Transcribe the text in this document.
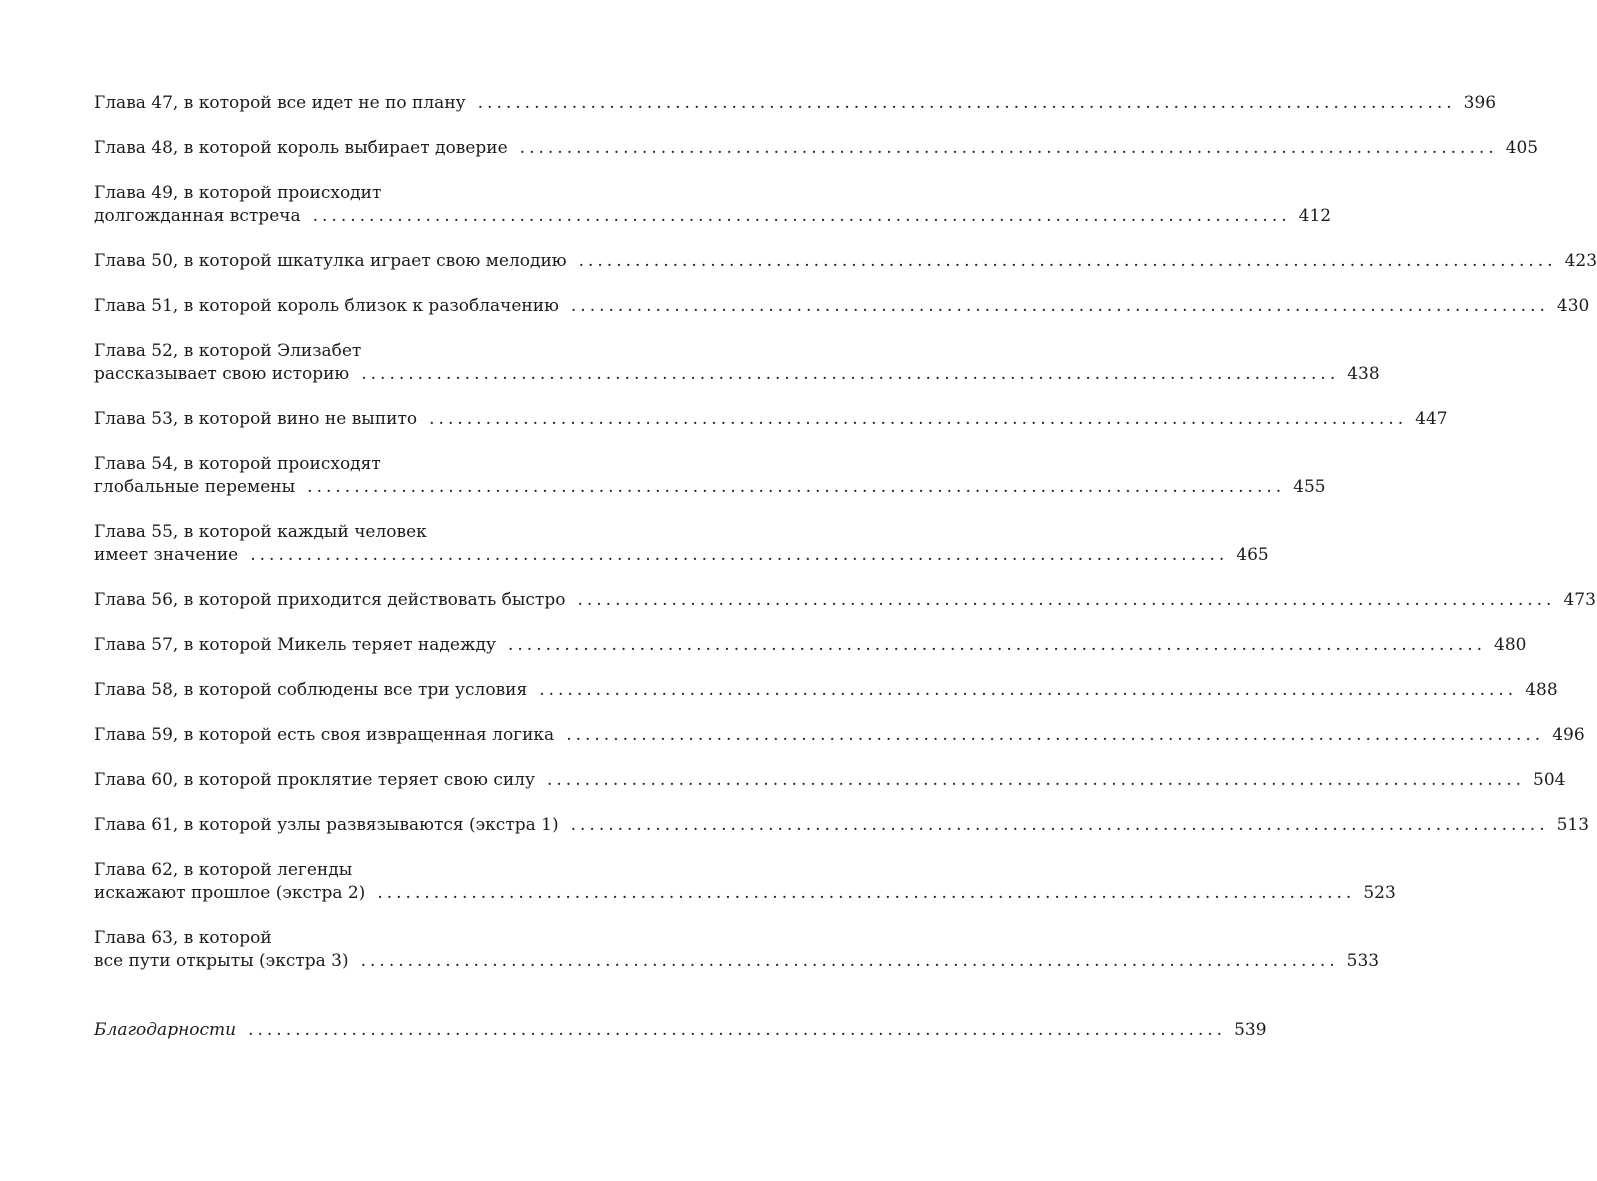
Глава 47, в которой все идет не по плану ........................................................................................................ 396
Глава 48, в которой король выбирает доверие ........................................................................................................ 405
Глава 49, в которой происходит
долгожданная встреча ........................................................................................................ 412
Глава 50, в которой шкатулка играет свою мелодию ........................................................................................................ 423
Глава 51, в которой король близок к разоблачению ........................................................................................................ 430
Глава 52, в которой Элизабет
рассказывает свою историю ........................................................................................................ 438
Глава 53, в которой вино не выпито ........................................................................................................ 447
Глава 54, в которой происходят
глобальные перемены ........................................................................................................ 455
Глава 55, в которой каждый человек
имеет значение ........................................................................................................ 465
Глава 56, в которой приходится действовать быстро ........................................................................................................ 473
Глава 57, в которой Микель теряет надежду ........................................................................................................ 480
Глава 58, в которой соблюдены все три условия ........................................................................................................ 488
Глава 59, в которой есть своя извращенная логика ........................................................................................................ 496
Глава 60, в которой проклятие теряет свою силу ........................................................................................................ 504
Глава 61, в которой узлы развязываются (экстра 1) ........................................................................................................ 513
Глава 62, в которой легенды
искажают прошлое (экстра 2) ........................................................................................................ 523
Глава 63, в которой
все пути открыты (экстра 3) ........................................................................................................ 533
Благодарности ........................................................................................................ 539
